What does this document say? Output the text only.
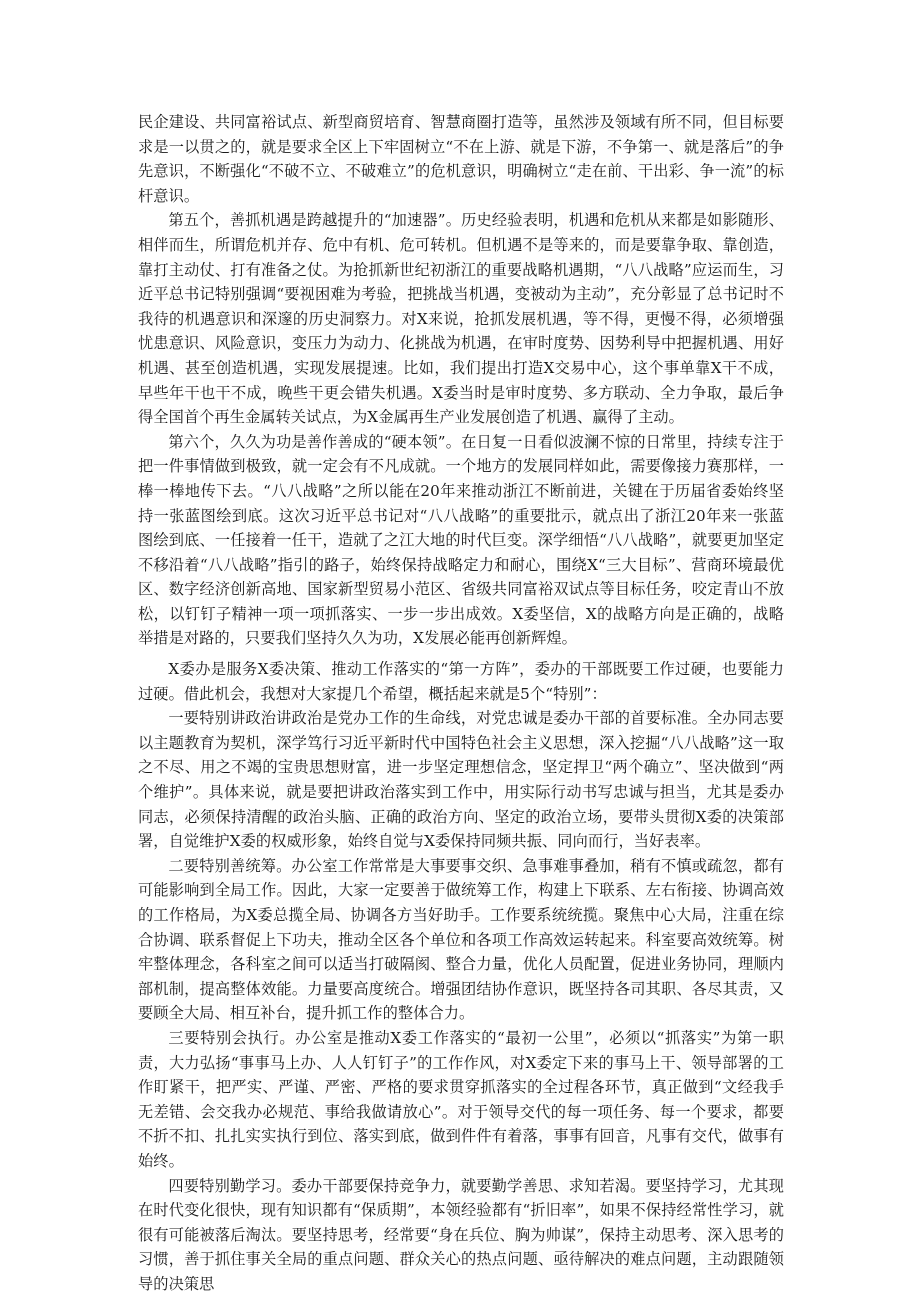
民企建设、共同富裕试点、新型商贸培育、智慧商圈打造等，虽然涉及领域有所不同，但目标要求是一以贯之的，就是要求全区上下牢固树立“不在上游、就是下游，不争第一、就是落后”的争先意识，不断强化“不破不立、不破难立”的危机意识，明确树立“走在前、干出彩、争一流”的标杆意识。

第五个，善抓机遇是跨越提升的“加速器”。历史经验表明，机遇和危机从来都是如影随形、相伴而生，所谓危机并存、危中有机、危可转机。但机遇不是等来的，而是要靠争取、靠创造，靠打主动仗、打有准备之仗。为抢抓新世纪初浙江的重要战略机遇期，“八八战略”应运而生，习近平总书记特别强调“要视困难为考验，把挑战当机遇，变被动为主动”，充分彰显了总书记时不我待的机遇意识和深邃的历史洞察力。对X来说，抢抓发展机遇，等不得，更慢不得，必须增强忧患意识、风险意识，变压力为动力、化挑战为机遇，在审时度势、因势利导中把握机遇、用好机遇、甚至创造机遇，实现发展提速。比如，我们提出打造X交易中心，这个事单靠X干不成，早些年干也干不成，晚些干更会错失机遇。X委当时是审时度势、多方联动、全力争取，最后争得全国首个再生金属转关试点，为X金属再生产业发展创造了机遇、赢得了主动。

第六个，久久为功是善作善成的“硬本领”。在日复一日看似波澜不惊的日常里，持续专注于把一件事情做到极致，就一定会有不凡成就。一个地方的发展同样如此，需要像接力赛那样，一棒一棒地传下去。“八八战略”之所以能在20年来推动浙江不断前进，关键在于历届省委始终坚持一张蓝图绘到底。这次习近平总书记对“八八战略”的重要批示，就点出了浙江20年来一张蓝图绘到底、一任接着一任干，造就了之江大地的时代巨变。深学细悟“八八战略”，就要更加坚定不移沿着“八八战略”指引的路子，始终保持战略定力和耐心，围绕X“三大目标”、营商环境最优区、数字经济创新高地、国家新型贸易小范区、省级共同富裕双试点等目标任务，咬定青山不放松，以钉钉子精神一项一项抓落实、一步一步出成效。X委坚信，X的战略方向是正确的，战略举措是对路的，只要我们坚持久久为功，X发展必能再创新辉煌。

X委办是服务X委决策、推动工作落实的“第一方阵”，委办的干部既要工作过硬，也要能力过硬。借此机会，我想对大家提几个希望，概括起来就是5个“特别”：

一要特别讲政治讲政治是党办工作的生命线，对党忠诚是委办干部的首要标准。全办同志要以主题教育为契机，深学笃行习近平新时代中国特色社会主义思想，深入挖掘“八八战略”这一取之不尽、用之不竭的宝贵思想财富，进一步坚定理想信念，坚定捍卫“两个确立”、坚决做到“两个维护”。具体来说，就是要把讲政治落实到工作中，用实际行动书写忠诚与担当，尤其是委办同志，必须保持清醒的政治头脑、正确的政治方向、坚定的政治立场，要带头贯彻X委的决策部署，自觉维护X委的权威形象，始终自觉与X委保持同频共振、同向而行，当好表率。

二要特别善统筹。办公室工作常常是大事要事交织、急事难事叠加，稍有不慎或疏忽，都有可能影响到全局工作。因此，大家一定要善于做统筹工作，构建上下联系、左右衔接、协调高效的工作格局，为X委总揽全局、协调各方当好助手。工作要系统统揽。聚焦中心大局，注重在综合协调、联系督促上下功夫，推动全区各个单位和各项工作高效运转起来。科室要高效统筹。树牢整体理念，各科室之间可以适当打破隔阂、整合力量，优化人员配置，促进业务协同，理顺内部机制，提高整体效能。力量要高度统合。增强团结协作意识，既坚持各司其职、各尽其责，又要顾全大局、相互补台，提升抓工作的整体合力。

三要特别会执行。办公室是推动X委工作落实的“最初一公里”，必须以“抓落实”为第一职责，大力弘扬“事事马上办、人人钉钉子”的工作作风，对X委定下来的事马上干、领导部署的工作盯紧干，把严实、严谨、严密、严格的要求贯穿抓落实的全过程各环节，真正做到“文经我手无差错、会交我办必规范、事给我做请放心”。对于领导交代的每一项任务、每一个要求，都要不折不扣、扎扎实实执行到位、落实到底，做到件件有着落，事事有回音，凡事有交代，做事有始终。

四要特别勤学习。委办干部要保持竞争力，就要勤学善思、求知若渴。要坚持学习，尤其现在时代变化很快，现有知识都有“保质期”，本领经验都有“折旧率”，如果不保持经常性学习，就很有可能被落后淘汰。要坚持思考，经常要“身在兵位、胸为帅谋”，保持主动思考、深入思考的习惯，善于抓住事关全局的重点问题、群众关心的热点问题、亟待解决的难点问题，主动跟随领导的决策思
